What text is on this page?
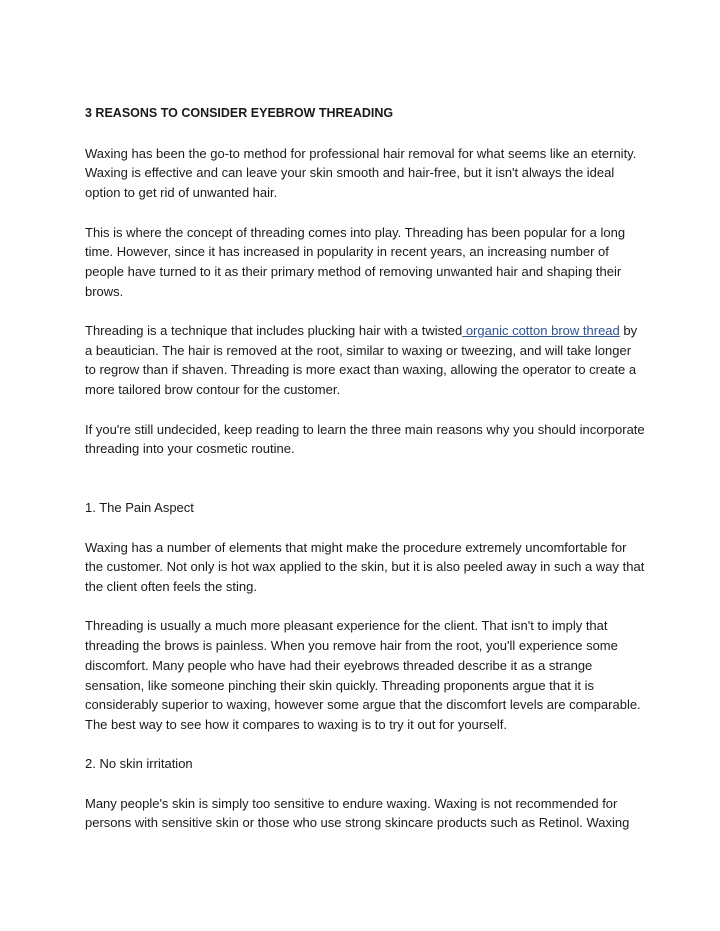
3 REASONS TO CONSIDER EYEBROW THREADING

Waxing has been the go-to method for professional hair removal for what seems like an eternity. Waxing is effective and can leave your skin smooth and hair-free, but it isn't always the ideal option to get rid of unwanted hair.

This is where the concept of threading comes into play. Threading has been popular for a long time. However, since it has increased in popularity in recent years, an increasing number of people have turned to it as their primary method of removing unwanted hair and shaping their brows.

Threading is a technique that includes plucking hair with a twisted organic cotton brow thread by a beautician. The hair is removed at the root, similar to waxing or tweezing, and will take longer to regrow than if shaven. Threading is more exact than waxing, allowing the operator to create a more tailored brow contour for the customer.

If you're still undecided, keep reading to learn the three main reasons why you should incorporate threading into your cosmetic routine.

1. The Pain Aspect

Waxing has a number of elements that might make the procedure extremely uncomfortable for the customer. Not only is hot wax applied to the skin, but it is also peeled away in such a way that the client often feels the sting.

Threading is usually a much more pleasant experience for the client. That isn't to imply that threading the brows is painless. When you remove hair from the root, you'll experience some discomfort. Many people who have had their eyebrows threaded describe it as a strange sensation, like someone pinching their skin quickly. Threading proponents argue that it is considerably superior to waxing, however some argue that the discomfort levels are comparable. The best way to see how it compares to waxing is to try it out for yourself.

2. No skin irritation

Many people's skin is simply too sensitive to endure waxing. Waxing is not recommended for persons with sensitive skin or those who use strong skincare products such as Retinol. Waxing
